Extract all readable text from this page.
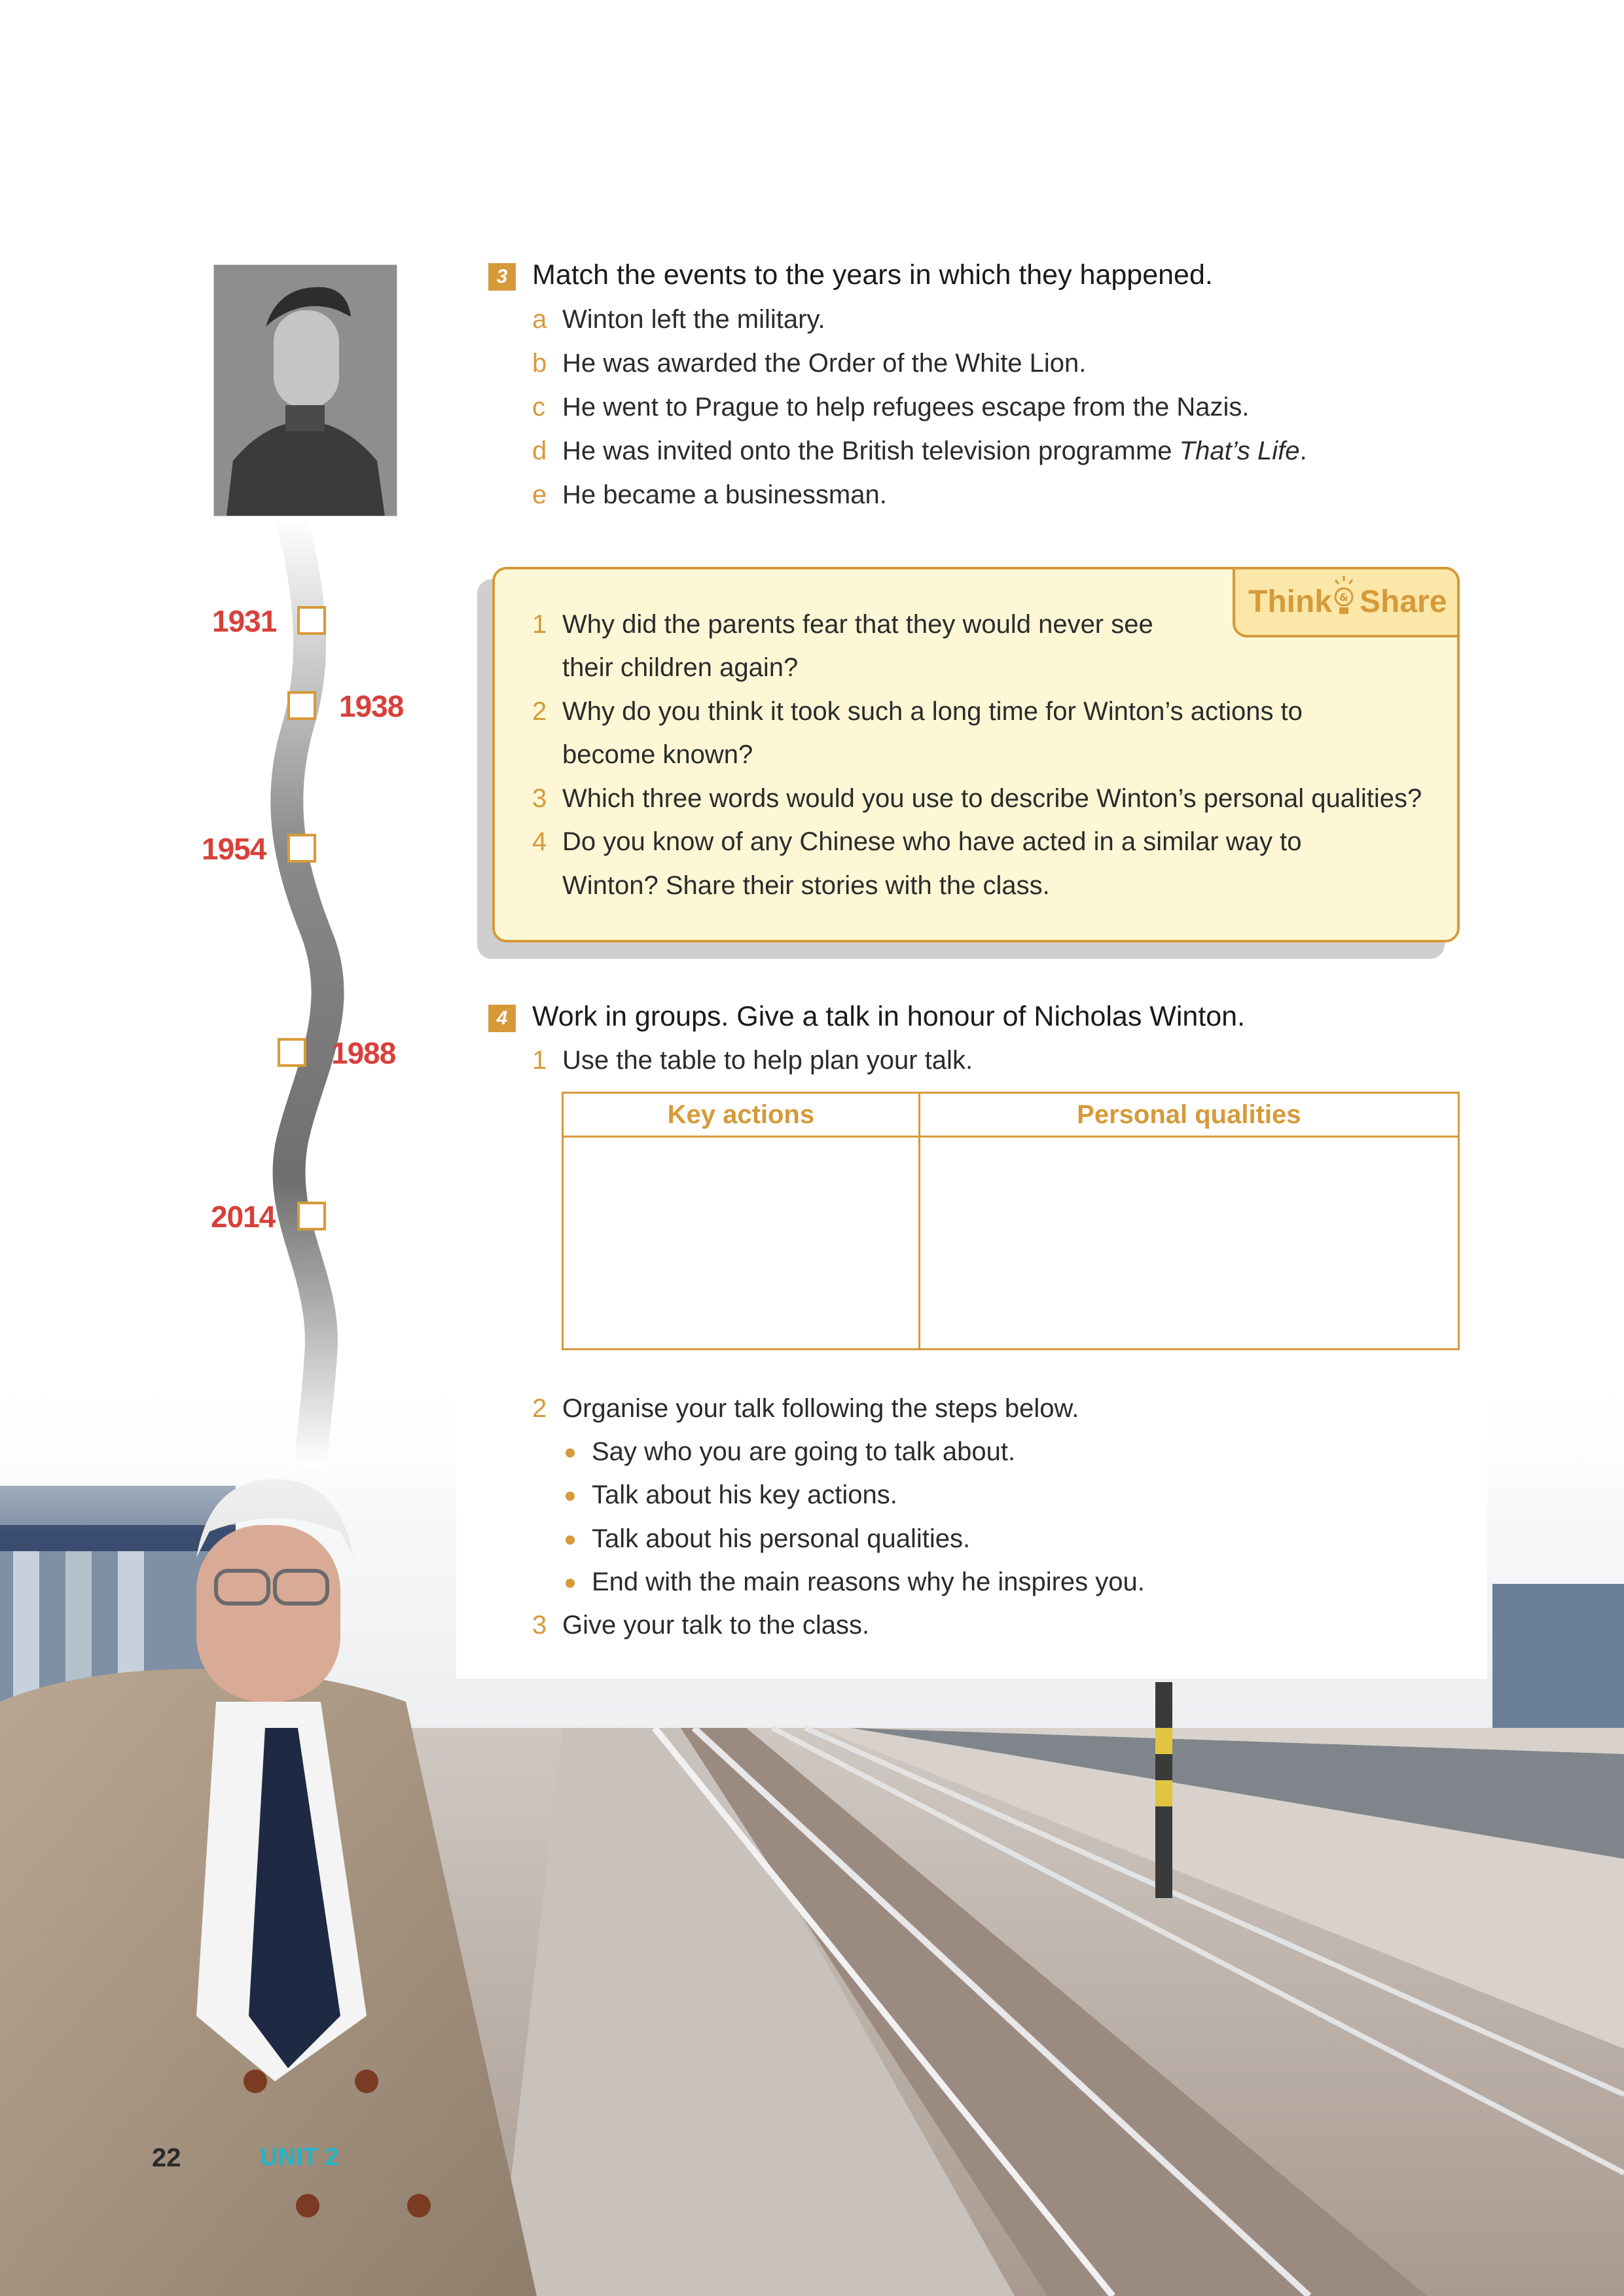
1931
1938
1954
1988
2014
3 Match the events to the years in which they happened.
a Winton left the military.
b He was awarded the Order of the White Lion.
c He went to Prague to help refugees escape from the Nazis.
d He was invited onto the British television programme That’s Life.
e He became a businessman.
Think & Share
1 Why did the parents fear that they would never see
their children again?
2 Why do you think it took such a long time for Winton’s actions to
become known?
3 Which three words would you use to describe Winton’s personal qualities?
4 Do you know of any Chinese who have acted in a similar way to
Winton? Share their stories with the class.
4 Work in groups. Give a talk in honour of Nicholas Winton.
1 Use the table to help plan your talk.
Key actions	Personal qualities

2 Organise your talk following the steps below.
Say who you are going to talk about.
Talk about his key actions.
Talk about his personal qualities.
End with the main reasons why he inspires you.
3 Give your talk to the class.
22	UNIT 2
